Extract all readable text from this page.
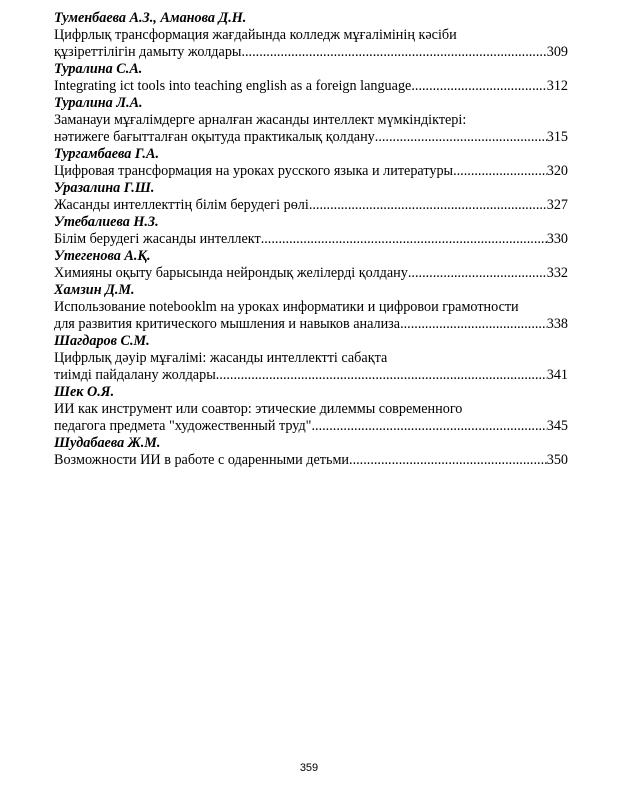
Туменбаева А.З., Аманова Д.Н.
Цифрлық трансформация жағдайында колледж мұғалімінің кәсіби
құзіреттілігін дамыту жолдары .....	309
Туралина С.А.
Integrating ict tools into teaching english as a foreign language .....	312
Туралина Л.А.
Заманауи мұғалімдерге арналған жасанды интеллект мүмкіндіктері:
нәтижеге бағытталған оқытуда практикалық қолдану .....	315
Тургамбаева Г.А.
Цифровая трансформация на уроках русского языка и литературы .....	320
Уразалина Г.Ш.
Жасанды интеллекттің білім берудегі рөлі .....	327
Утебалиева Н.З.
Білім берудегі жасанды интеллект .....	330
Утегенова А.Қ.
Химияны оқыту барысында нейрондық желілерді қолдану .....	332
Хамзин Д.М.
Использование notebooklm на уроках информатики и цифровои грамотности
для развития критического мышления и навыков анализа .....	338
Шагдаров С.М.
Цифрлық дәуір мұғалімі: жасанды интеллектті сабақта
тиімді пайдалану жолдары .....	341
Шек О.Я.
ИИ как инструмент или соавтор: этические дилеммы современного
педагога предмета "художественный труд" .....	345
Шудабаева Ж.М.
Возможности ИИ в работе с одаренными детьми .....	350
359
